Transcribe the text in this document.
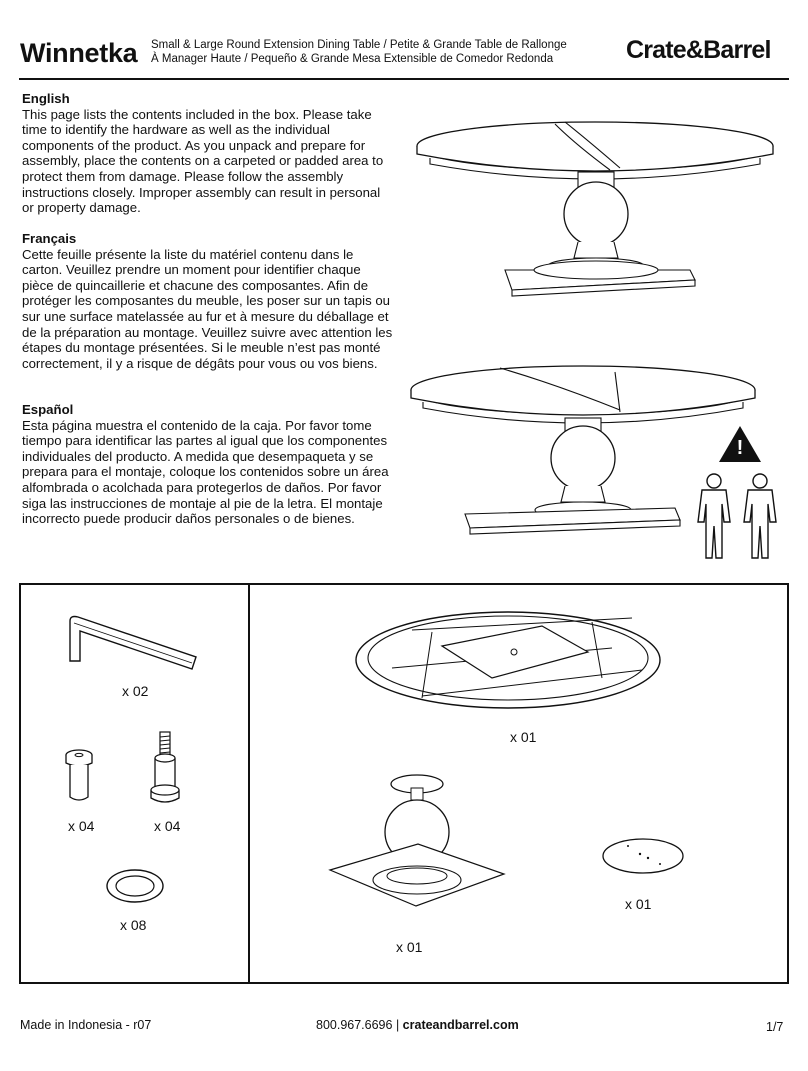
Winnetka Small & Large Round Extension Dining Table / Petite & Grande Table de Rallonge
À Manager Haute / Pequeño & Grande Mesa Extensible de Comedor Redonda	Crate&Barrel
English

This page lists the contents included in the box. Please take time to identify the hardware as well as the individual components of the product. As you unpack and prepare for assembly, place the contents on a carpeted or padded area to protect them from damage. Please follow the assembly instructions closely. Improper assembly can result in personal or property damage.

Français

Cette feuille présente la liste du matériel contenu dans le carton. Veuillez prendre un moment pour identifier chaque pièce de quincaillerie et chacune des composantes. Afin de protéger les composantes du meuble, les poser sur un tapis ou sur une surface matelassée au fur et à mesure du déballage et de la préparation au montage. Veuillez suivre avec attention les étapes du montage présentées. Si le meuble n’est pas monté correctement, il y a risque de dégâts pour vous ou vos biens.

Español

Esta página muestra el contenido de la caja. Por favor tome tiempo para identificar las partes al igual que los componentes individuales del producto. A medida que desempaqueta y se prepara para el montaje, coloque los contenidos sobre un área alfombrada o acolchada para protegerlos de daños. Por favor siga las instrucciones de montaje al pie de la letra. El montaje incorrecto puede producir daños personales o de bienes.

!
x 02
x 04	x 04
x 08
x 01
x 01
x 01
Made in Indonesia - r07	800.967.6696 | crateandbarrel.com	1/7
